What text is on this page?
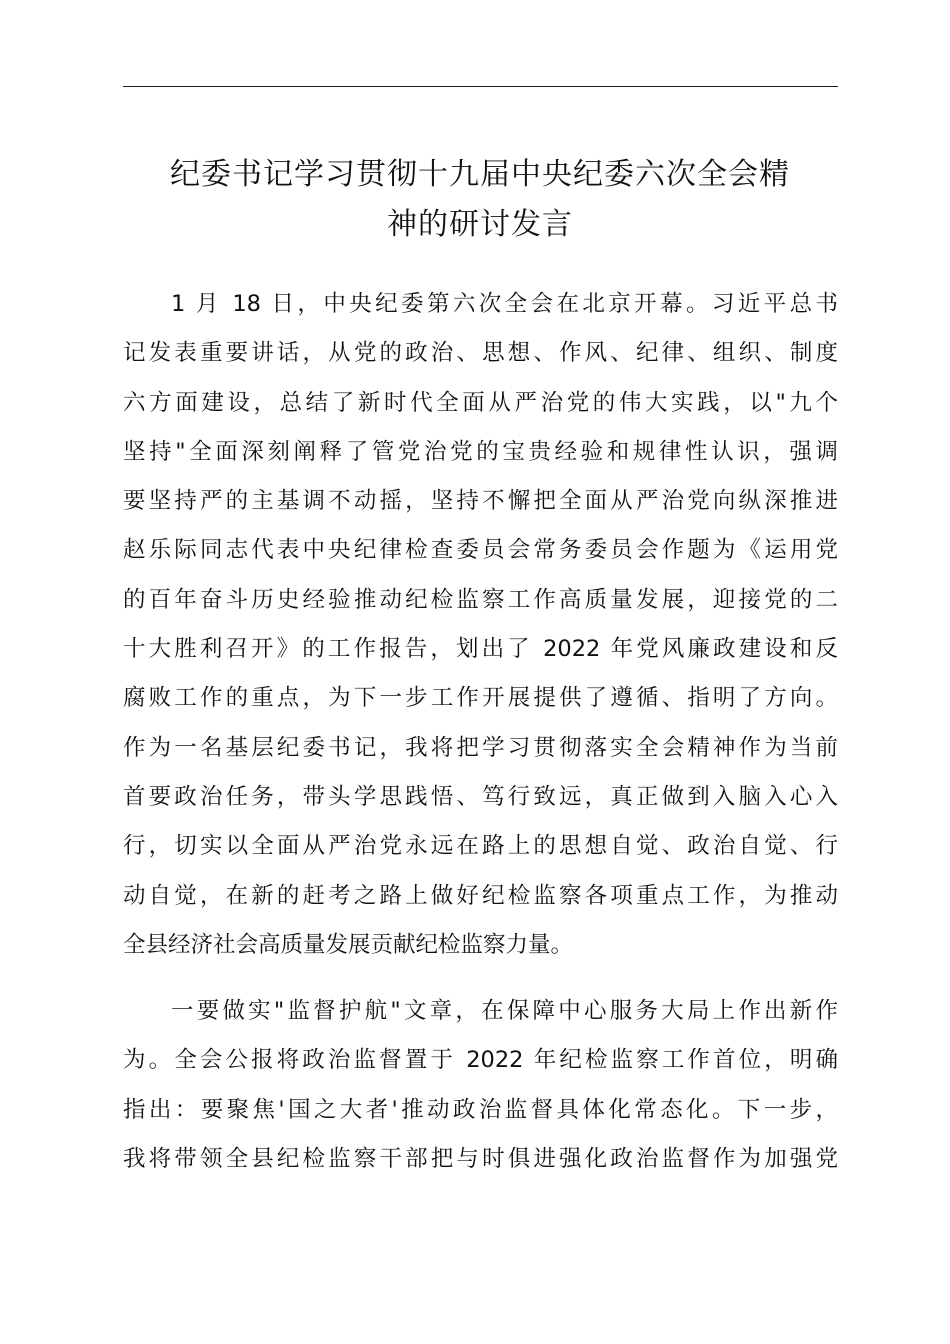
纪委书记学习贯彻十九届中央纪委六次全会精
神的研讨发言
1 月 18 日，中央纪委第六次全会在北京开幕。习近平总书
记发表重要讲话，从党的政治、思想、作风、纪律、组织、制度
六方面建设，总结了新时代全面从严治党的伟大实践，以"九个
坚持"全面深刻阐释了管党治党的宝贵经验和规律性认识，强调
要坚持严的主基调不动摇，坚持不懈把全面从严治党向纵深推进
赵乐际同志代表中央纪律检查委员会常务委员会作题为《运用党
的百年奋斗历史经验推动纪检监察工作高质量发展，迎接党的二
十大胜利召开》的工作报告，划出了 2022 年党风廉政建设和反
腐败工作的重点，为下一步工作开展提供了遵循、指明了方向。
作为一名基层纪委书记，我将把学习贯彻落实全会精神作为当前
首要政治任务，带头学思践悟、笃行致远，真正做到入脑入心入
行，切实以全面从严治党永远在路上的思想自觉、政治自觉、行
动自觉，在新的赶考之路上做好纪检监察各项重点工作，为推动
全县经济社会高质量发展贡献纪检监察力量。
一要做实"监督护航"文章，在保障中心服务大局上作出新作
为。全会公报将政治监督置于 2022 年纪检监察工作首位，明确
指出：要聚焦'国之大者'推动政治监督具体化常态化。下一步，
我将带领全县纪检监察干部把与时俱进强化政治监督作为加强党
